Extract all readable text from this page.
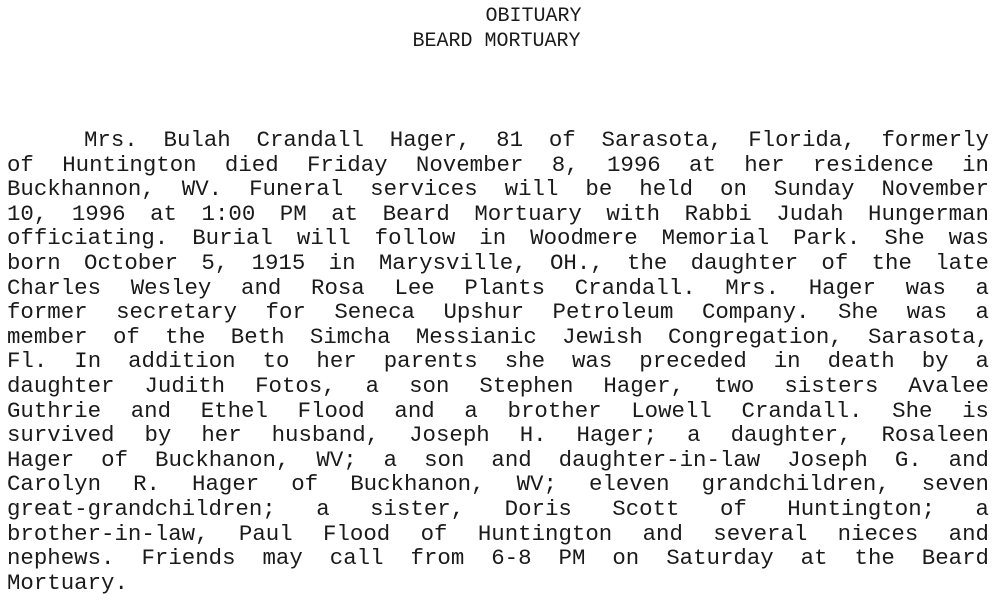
OBITUARY
BEARD MORTUARY
Mrs. Bulah Crandall Hager, 81 of Sarasota, Florida, formerly
of Huntington died Friday November 8, 1996 at her residence in
Buckhannon, WV. Funeral services will be held on Sunday November
10, 1996 at 1:00 PM at Beard Mortuary with Rabbi Judah Hungerman
officiating. Burial will follow in Woodmere Memorial Park. She was
born October 5, 1915 in Marysville, OH., the daughter of the late
Charles Wesley and Rosa Lee Plants Crandall. Mrs. Hager was a
former secretary for Seneca Upshur Petroleum Company. She was a
member of the Beth Simcha Messianic Jewish Congregation, Sarasota,
Fl. In addition to her parents she was preceded in death by a
daughter Judith Fotos, a son Stephen Hager, two sisters Avalee
Guthrie and Ethel Flood and a brother Lowell Crandall. She is
survived by her husband, Joseph H. Hager; a daughter, Rosaleen
Hager of Buckhanon, WV; a son and daughter-in-law Joseph G. and
Carolyn R. Hager of Buckhanon, WV; eleven grandchildren, seven
great-grandchildren; a sister, Doris Scott of Huntington; a
brother-in-law, Paul Flood of Huntington and several nieces and
nephews. Friends may call from 6-8 PM on Saturday at the Beard
Mortuary.
